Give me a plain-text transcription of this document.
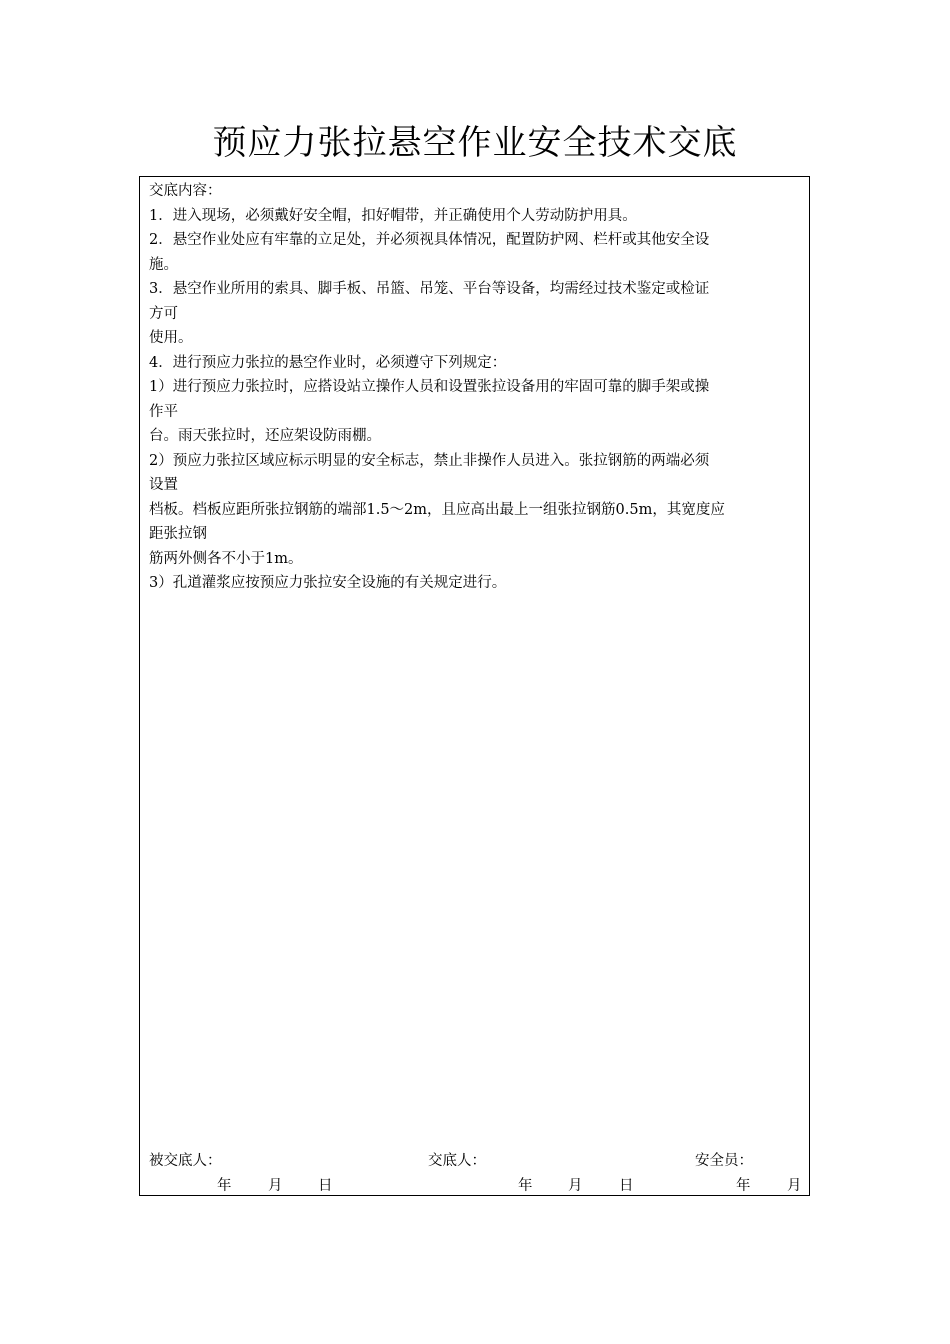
预应力张拉悬空作业安全技术交底
交底内容：
1．进入现场，必须戴好安全帽，扣好帽带，并正确使用个人劳动防护用具。
2．悬空作业处应有牢靠的立足处，并必须视具体情况，配置防护网、栏杆或其他安全设
施。
3．悬空作业所用的索具、脚手板、吊篮、吊笼、平台等设备，均需经过技术鉴定或检证
方可
使用。
4．进行预应力张拉的悬空作业时，必须遵守下列规定：
1）进行预应力张拉时，应搭设站立操作人员和设置张拉设备用的牢固可靠的脚手架或操
作平
台。雨天张拉时，还应架设防雨棚。
2）预应力张拉区域应标示明显的安全标志，禁止非操作人员进入。张拉钢筋的两端必须
设置
档板。档板应距所张拉钢筋的端部1.5～2m，且应高出最上一组张拉钢筋0.5m，其宽度应
距张拉钢
筋两外侧各不小于1m。
3）孔道灌浆应按预应力张拉安全设施的有关规定进行。
被交底人：	交底人：	安全员：
年	月 日	年 月	日	年	月
